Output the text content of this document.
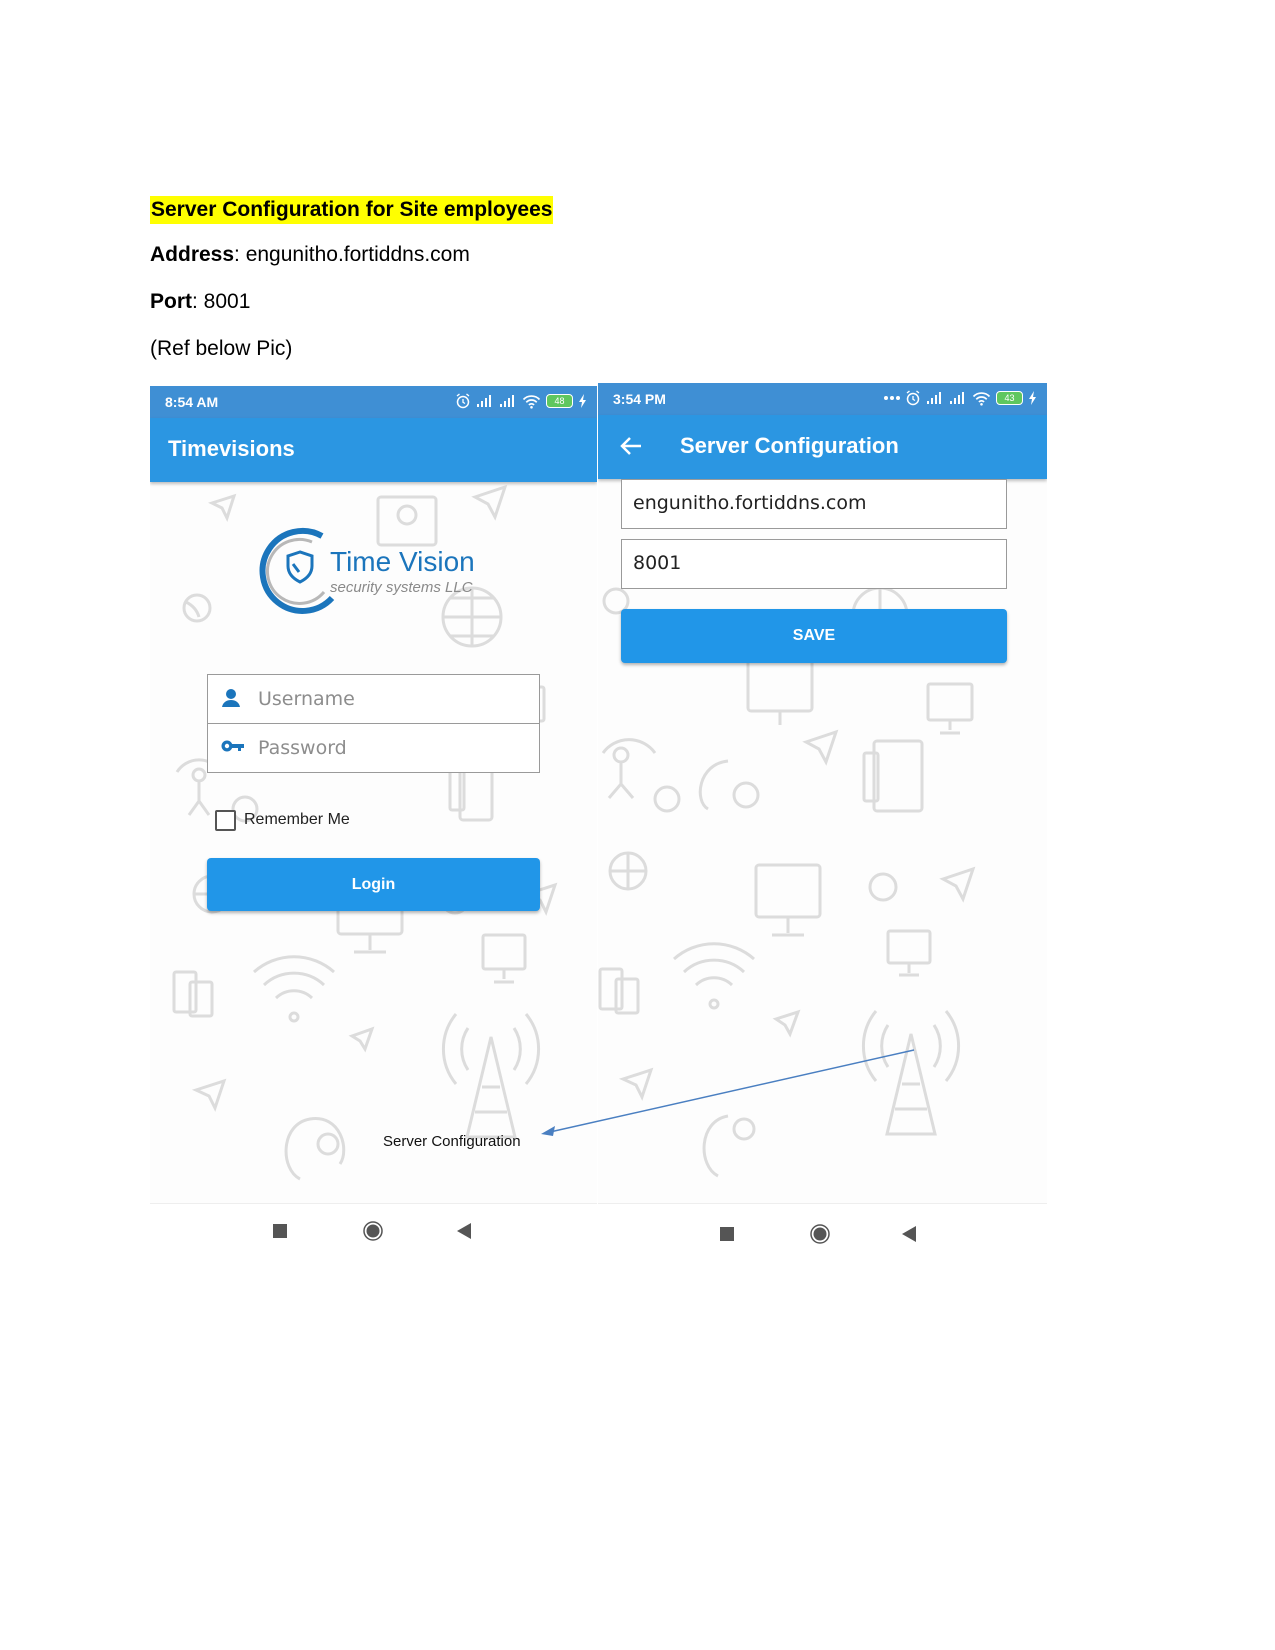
Server Configuration for Site employees
Address: engunitho.fortiddns.com
Port: 8001
(Ref below Pic)
8:54 AM	48
Timevisions
Time Vision
security systems LLC
Username
Password
Remember Me
Login
Server Configuration
3:54 PM	43
Server Configuration
engunitho.fortiddns.com
8001
SAVE
